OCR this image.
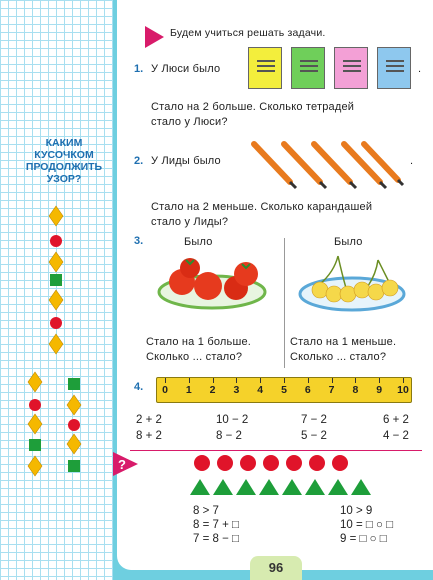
КАКИМ
КУСОЧКОМ
ПРОДОЛЖИТЬ
УЗОР?
Будем учиться решать задачи.
1. У Люси было	.
Стало на 2 больше. Сколько тетрадей
стало у Люси?
2. У Лиды было	.
Стало на 2 меньше. Сколько карандашей
стало у Лиды?
3.	Было	Было
Стало на 1 больше.
Сколько ... стало?
Стало на 1 меньше.
Сколько ... стало?
4.	0	1	2	3	4	5	6	7	8	9	10
2 + 2	10 − 2	7 − 2	6 + 2
8 + 2	8 − 2	5 − 2	4 − 2
?
8 > 7
8 = 7 + □
7 = 8 − □
10 > 9
10 = □ ○ □
9 = □ ○ □
96
